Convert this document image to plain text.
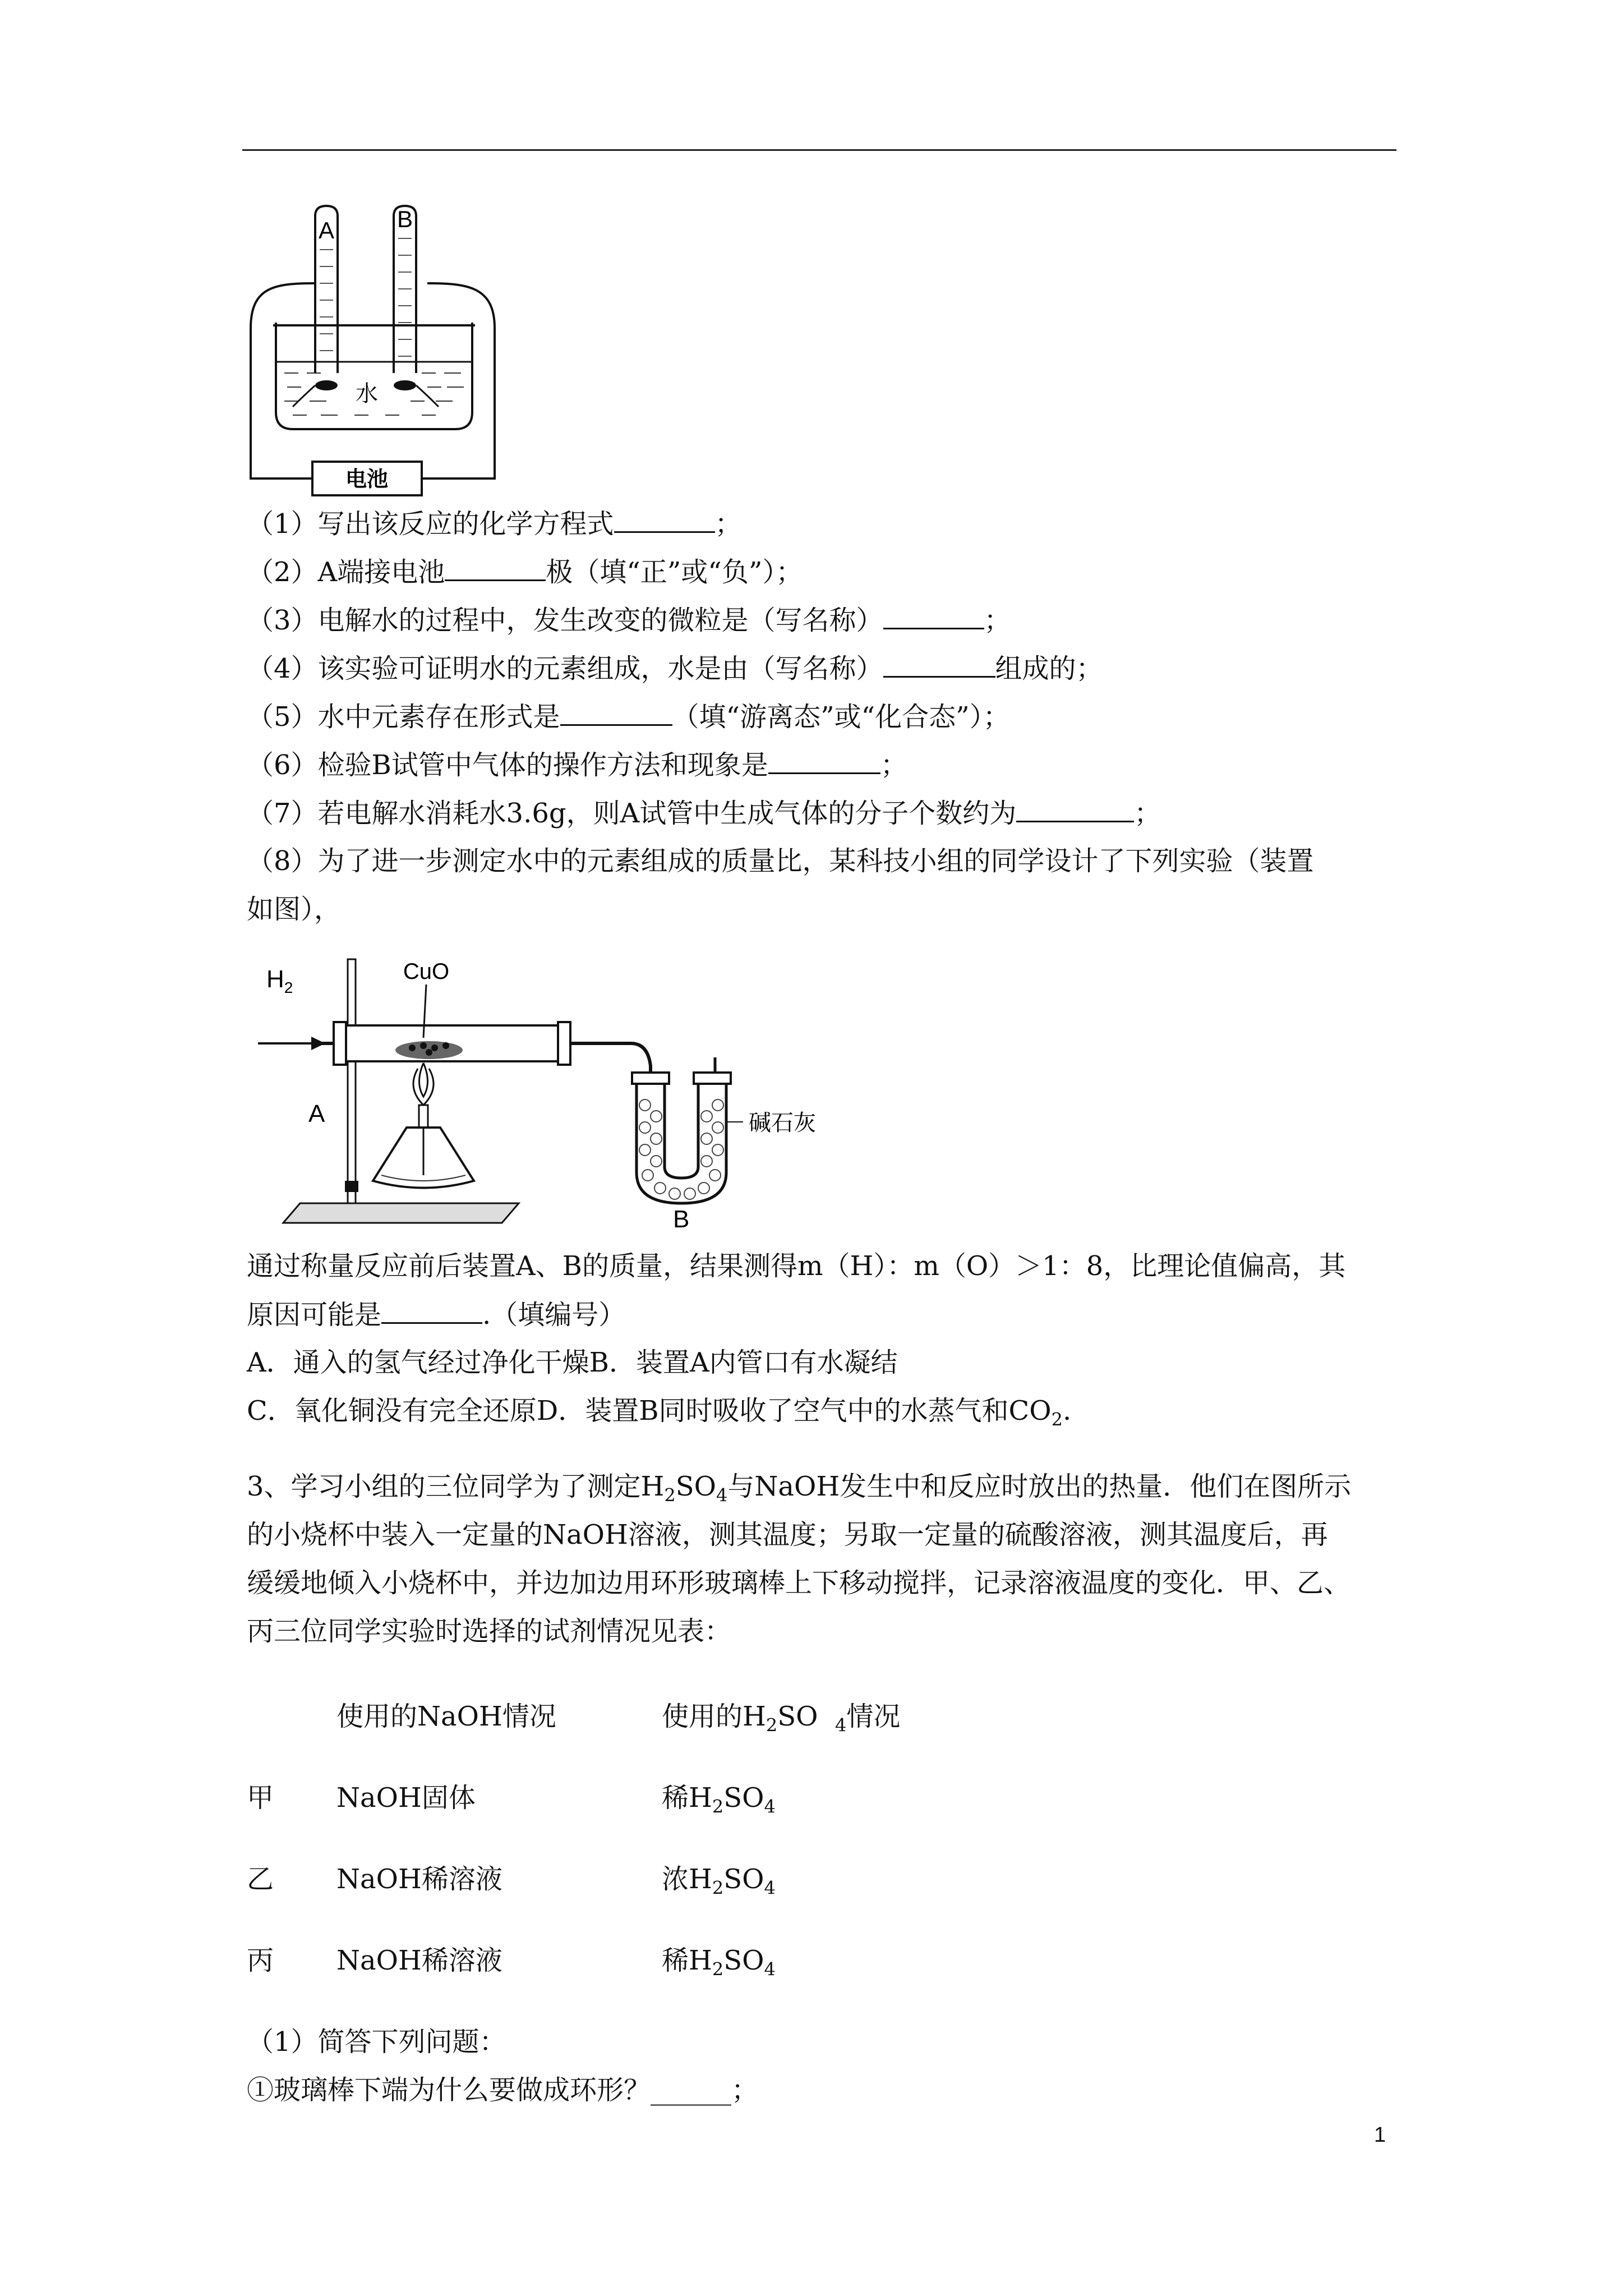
A	B
水
电池
（1）写出该反应的化学方程式	；
（2）A端接电池	极（填“正”或“负”）；
（3）电解水的过程中，发生改变的微粒是（写名称）	；
（4）该实验可证明水的元素组成，水是由（写名称）	组成的；
（5）水中元素存在形式是	（填“游离态”或“化合态”）；
（6）检验B试管中气体的操作方法和现象是	；
（7）若电解水消耗水3.6g，则A试管中生成气体的分子个数约为	；
（8）为了进一步测定水中的元素组成的质量比，某科技小组的同学设计了下列实验（装置
如图），
$H_2$
CuO
A	碱石灰
B
通过称量反应前后装置A、B的质量，结果测得m（H）：m（O）＞1：8，比理论值偏高，其
原因可能是	.（填编号）
A．通入的氢气经过净化干燥B．装置A内管口有水凝结
C．氧化铜没有完全还原D．装置B同时吸收了空气中的水蒸气和$CO_2$.
3、学习小组的三位同学为了测定$H_2SO_4$与NaOH发生中和反应时放出的热量．他们在图所示
的小烧杯中装入一定量的NaOH溶液，测其温度；另取一定量的硫酸溶液，测其温度后，再
缓缓地倾入小烧杯中，并边加边用环形玻璃棒上下移动搅拌，记录溶液温度的变化．甲、乙、
丙三位同学实验时选择的试剂情况见表：
使用的NaOH情况	使用的$H_2SO$ $_4$情况
甲 NaOH固体	稀$H_2SO_4$
乙 NaOH稀溶液	浓$H_2SO_4$
丙 NaOH稀溶液	稀$H_2SO_4$
（1）简答下列问题：
①玻璃棒下端为什么要做成环形？______；
1
